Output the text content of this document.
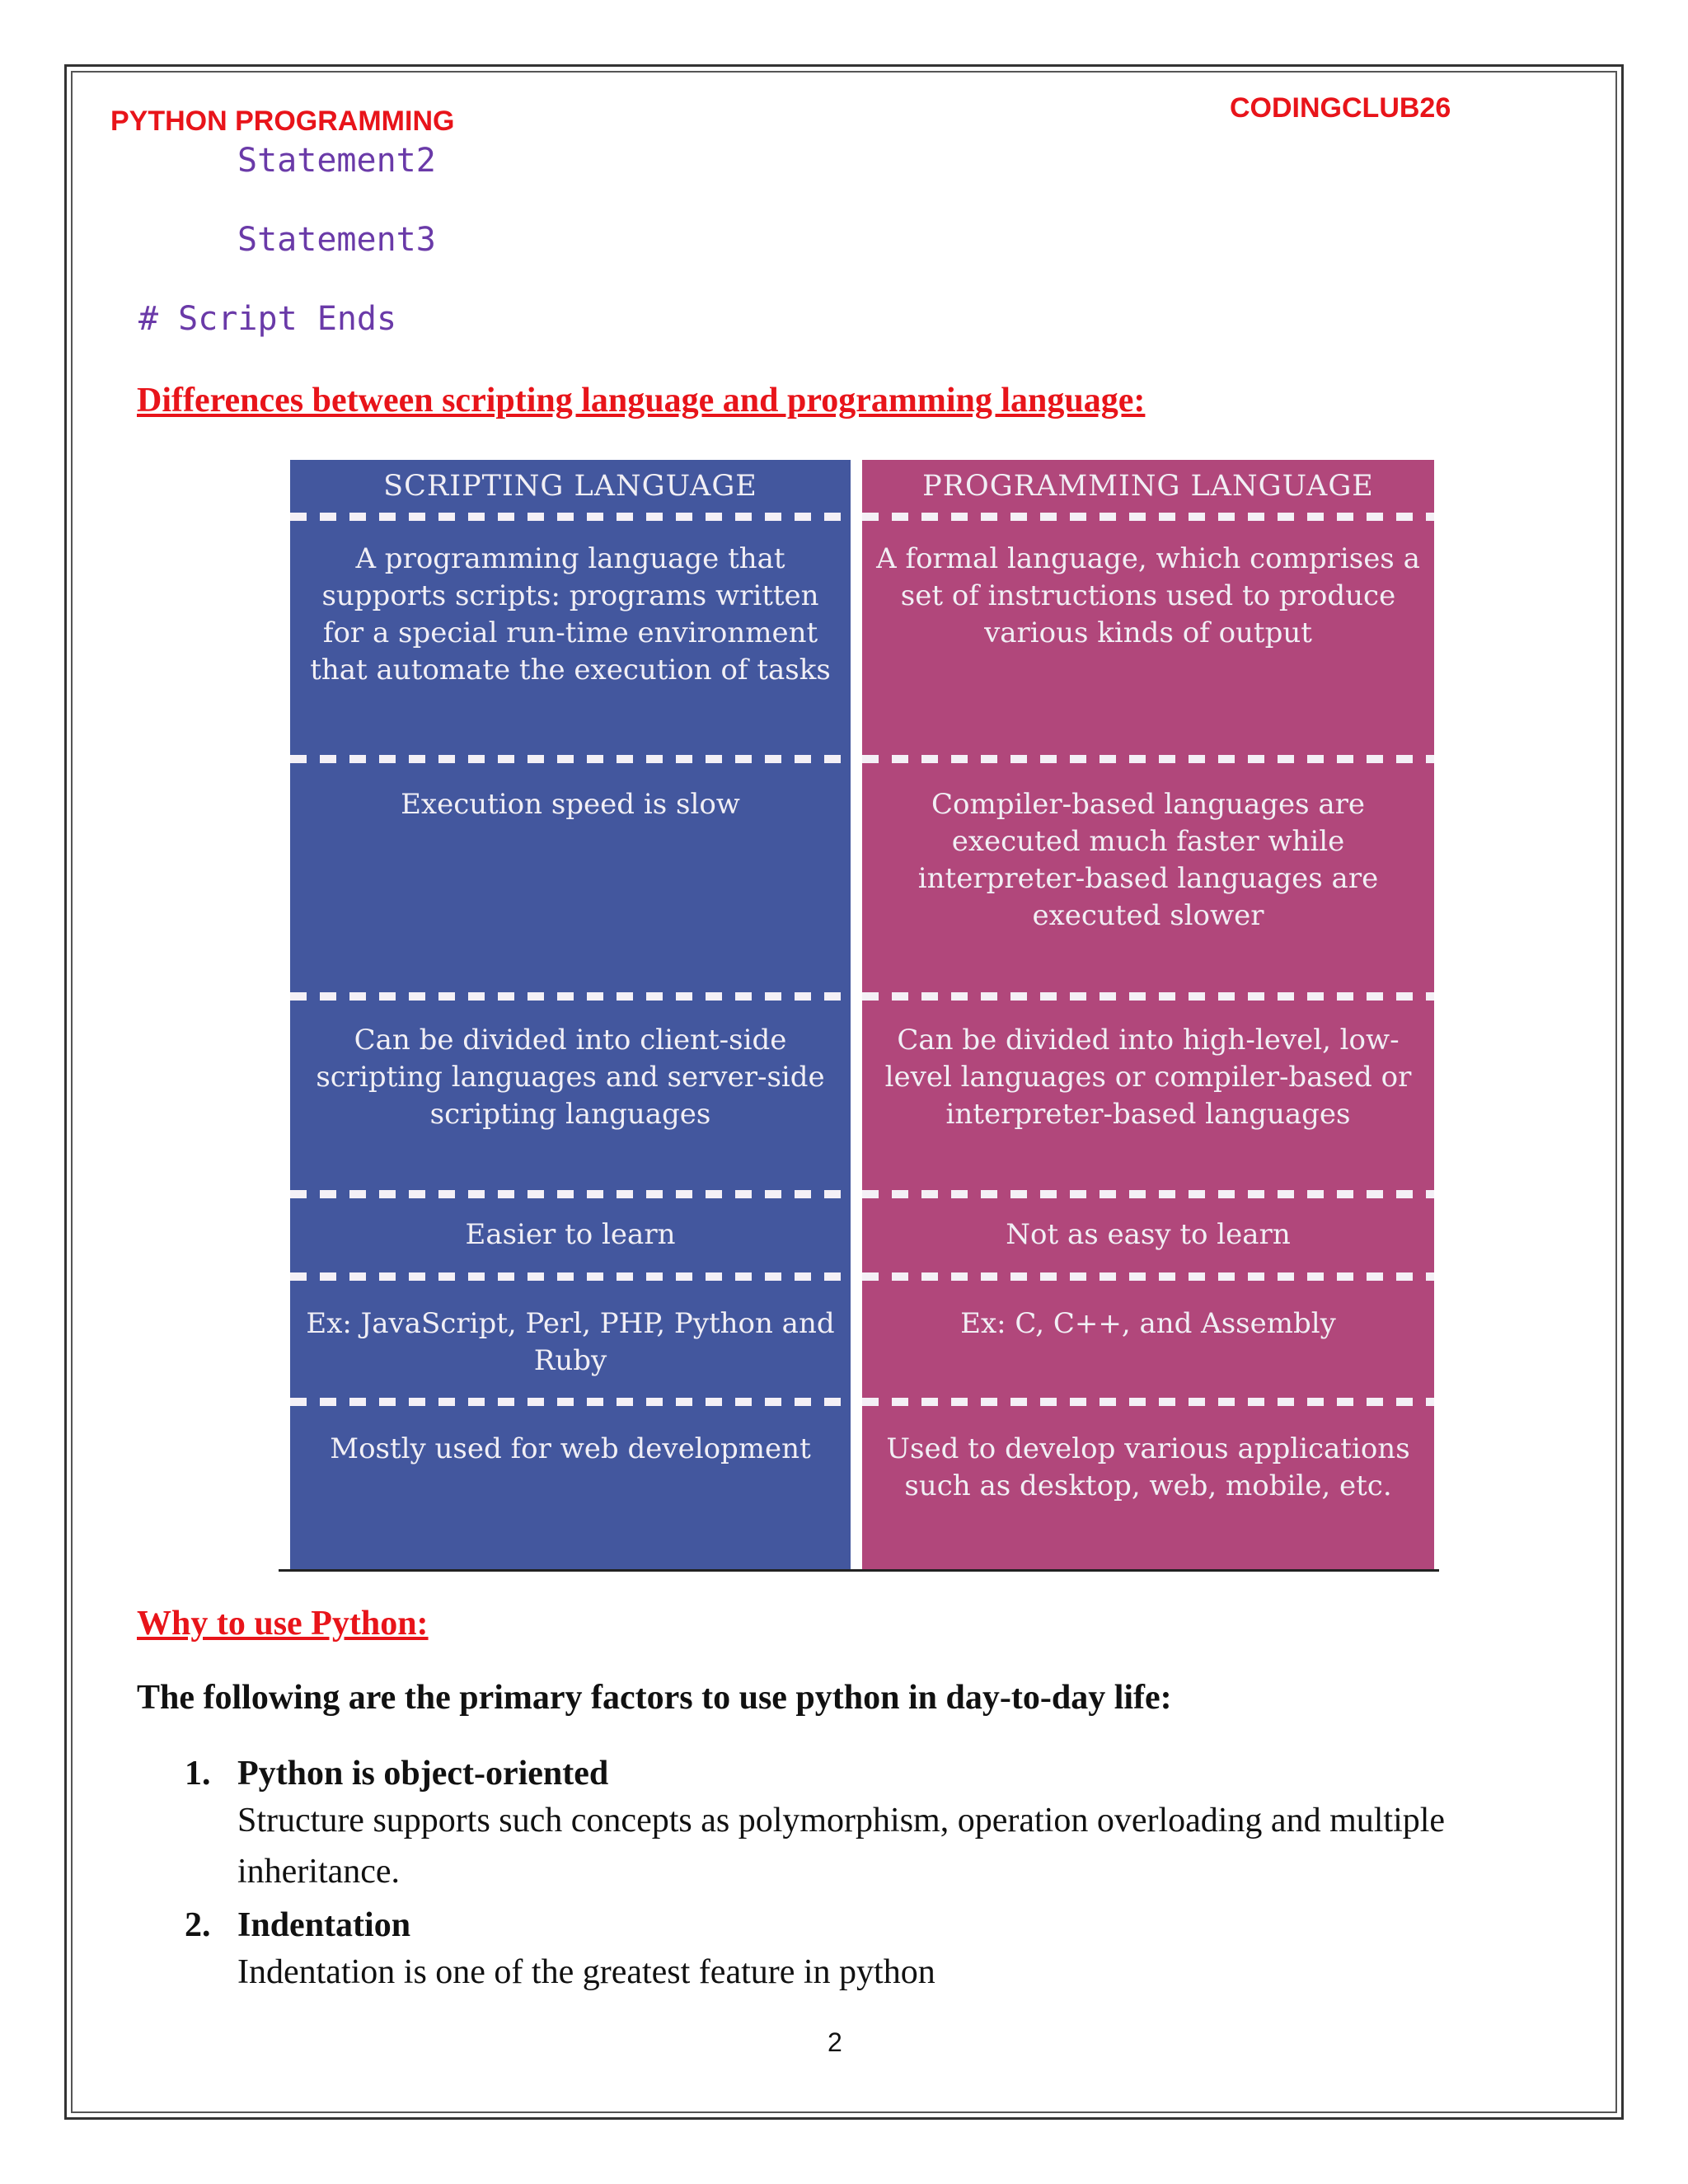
PYTHON PROGRAMMING	CODINGCLUB26
Statement2
Statement3
# Script Ends
Differences between scripting language and programming language:
SCRIPTING LANGUAGE
A programming language that supports scripts: programs written for a special run-time environment that automate the execution of tasks
Execution speed is slow
Can be divided into client-side scripting languages and server-side scripting languages
Easier to learn
Ex: JavaScript, Perl, PHP, Python and Ruby
Mostly used for web development
PROGRAMMING LANGUAGE
A formal language, which comprises a set of instructions used to produce various kinds of output
Compiler-based languages are executed much faster while interpreter-based languages are executed slower
Can be divided into high-level, low-level languages or compiler-based or interpreter-based languages
Not as easy to learn
Ex: C, C++, and Assembly
Used to develop various applications such as desktop, web, mobile, etc.
Why to use Python:
The following are the primary factors to use python in day-to-day life:
1. Python is object-oriented
Structure supports such concepts as polymorphism, operation overloading and multiple inheritance.
2. Indentation
Indentation is one of the greatest feature in python
2
